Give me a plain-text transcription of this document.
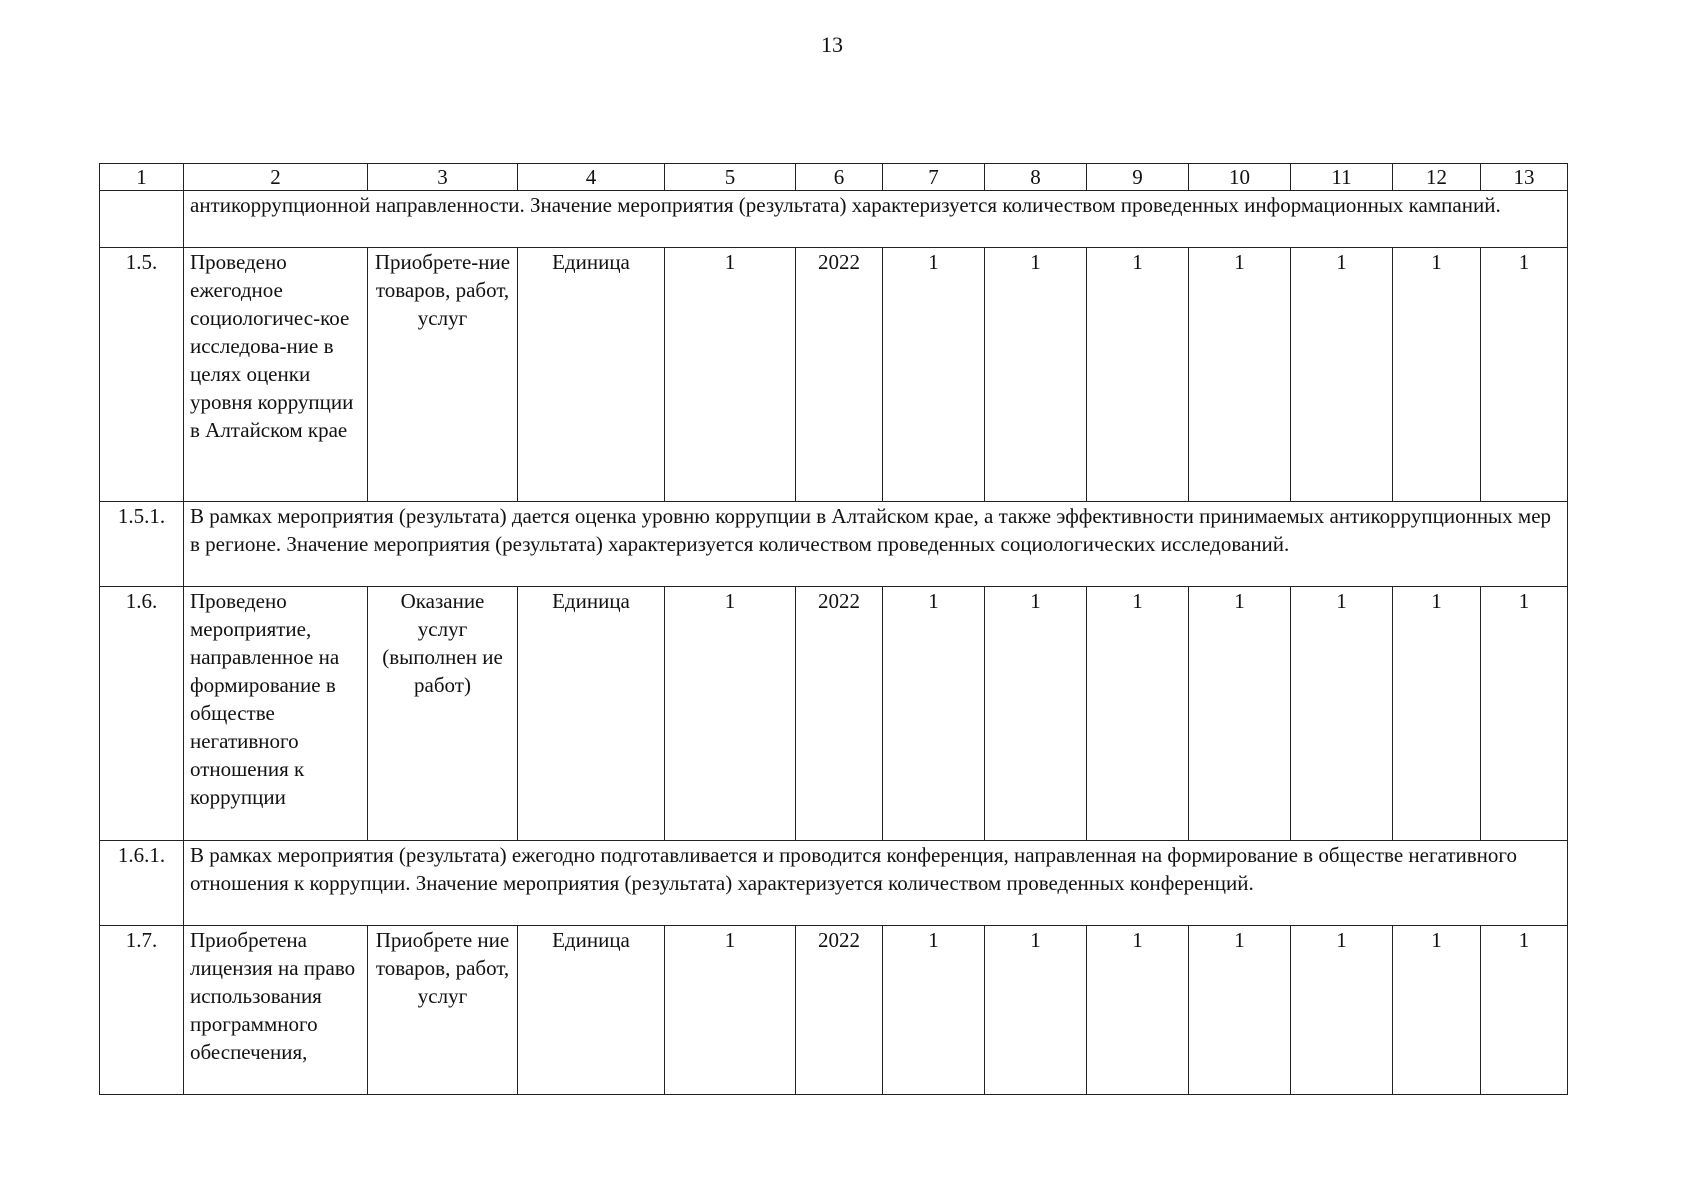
13
1	2	3	4	5	6	7	8	9	10	11	12	13
	антикоррупционной направленности. Значение мероприятия (результата) характеризуется количеством проведенных информационных кампаний.											
1.5.	Проведено ежегодное социологичес-кое исследова-ние в целях оценки уровня коррупции в Алтайском крае	Приобрете-ние товаров, работ, услуг	Единица	1	2022	1	1	1	1	1	1	1
1.5.1.	В рамках мероприятия (результата) дается оценка уровню коррупции в Алтайском крае, а также эффективности принимаемых антикоррупционных мер в регионе. Значение мероприятия (результата) характеризуется количеством проведенных социологических исследований.											
1.6.	Проведено мероприятие, направленное на формирование в обществе негативного отношения к коррупции	Оказание услуг (выполнен ие работ)	Единица	1	2022	1	1	1	1	1	1	1
1.6.1.	В рамках мероприятия (результата) ежегодно подготавливается и проводится конференция, направленная на формирование в обществе негативного отношения к коррупции. Значение мероприятия (результата) характеризуется количеством проведенных конференций.											
1.7.	Приобретена лицензия на право использования программного обеспечения,	Приобрете ние товаров, работ, услуг	Единица	1	2022	1	1	1	1	1	1	1
